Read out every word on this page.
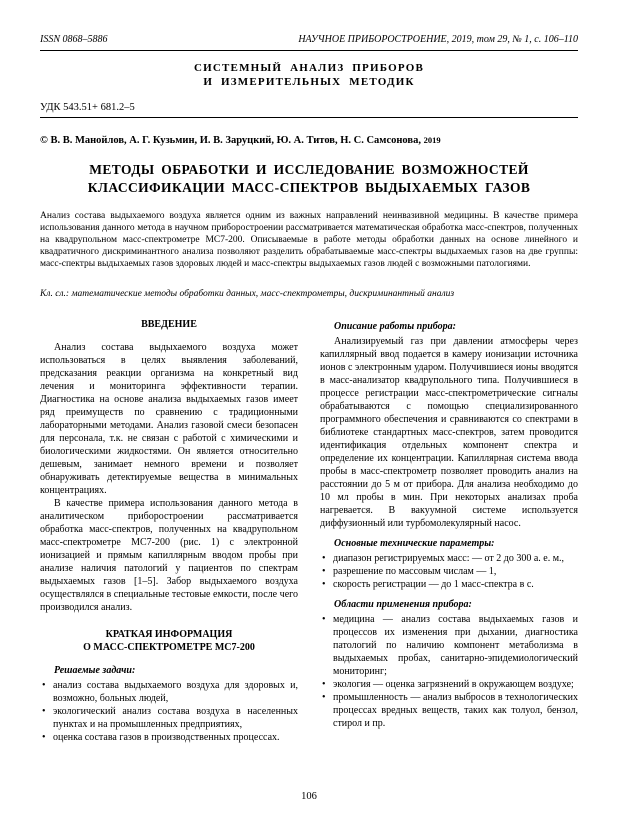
ISSN 0868–5886	НАУЧНОЕ ПРИБОРОСТРОЕНИЕ, 2019, том 29, № 1, c. 106–110
СИСТЕМНЫЙ АНАЛИЗ ПРИБОРОВ
И ИЗМЕРИТЕЛЬНЫХ МЕТОДИК
УДК 543.51+ 681.2–5
© В. В. Манойлов, А. Г. Кузьмин, И. В. Заруцкий, Ю. А. Титов, Н. С. Самсонова, 2019
МЕТОДЫ ОБРАБОТКИ И ИССЛЕДОВАНИЕ ВОЗМОЖНОСТЕЙ
КЛАССИФИКАЦИИ МАСС-СПЕКТРОВ ВЫДЫХАЕМЫХ ГАЗОВ
Анализ состава выдыхаемого воздуха является одним из важных направлений неинвазивной медицины. В качестве примера использования данного метода в научном приборостроении рассматривается математическая обработка масс-спектров, полученных на квадрупольном масс-спектрометре МС7-200. Описываемые в работе методы обработки данных на основе линейного и квадратичного дискриминантного анализа позволяют разделить обрабатываемые масс-спектры выдыхаемых газов на две группы: масс-спектры выдыхаемых газов здоровых людей и масс-спектры выдыхаемых газов людей с возможными патологиями.
Кл. сл.: математические методы обработки данных, масс-спектрометры, дискриминантный анализ
ВВЕДЕНИЕ

Анализ состава выдыхаемого воздуха может использоваться в целях выявления заболеваний, предсказания реакции организма на конкретный вид лечения и мониторинга эффективности терапии. Диагностика на основе анализа выдыхаемых газов имеет ряд преимуществ по сравнению с традиционными лабораторными методами. Анализ газовой смеси безопасен для персонала, т.к. не связан с работой с химическими и биологическими жидкостями. Он является относительно дешевым, занимает немного времени и позволяет обнаруживать детектируемые вещества в минимальных концентрациях.

В качестве примера использования данного метода в аналитическом приборостроении рассматривается обработка масс-спектров, полученных на квадрупольном масс-спектрометре МС7-200 (рис. 1) с электронной ионизацией и прямым капиллярным вводом пробы при анализе наличия патологий у пациентов по спектрам выдыхаемых газов [1–5]. Забор выдыхаемого воздуха осуществлялся в специальные тестовые емкости, после чего производился анализ.

КРАТКАЯ ИНФОРМАЦИЯ
О МАСС-СПЕКТРОМЕТРЕ МС7-200
Решаемые задачи:
• анализ состава выдыхаемого воздуха для здоровых и, возможно, больных людей,
• экологический анализ состава воздуха в населенных пунктах и на промышленных предприятиях,
• оценка состава газов в производственных процессах.
Описание работы прибора:

Анализируемый газ при давлении атмосферы через капиллярный ввод подается в камеру ионизации источника ионов с электронным ударом. Получившиеся ионы вводятся в масс-анализатор квадрупольного типа. Получившиеся в процессе регистрации масс-спектрометрические сигналы обрабатываются с помощью специализированного программного обеспечения и сравниваются со спектрами в библиотеке стандартных масс-спектров, затем проводится идентификация отдельных компонент спектра и определение их концентрации. Капиллярная система ввода пробы в масс-спектрометр позволяет проводить анализ на расстоянии до 5 м от прибора. Для анализа необходимо до 10 мл пробы в мин. При некоторых анализах проба нагревается. В вакуумной системе используется диффузионный или турбомолекулярный насос.

Основные технические параметры:
• диапазон регистрируемых масс: — от 2 до 300 а. е. м.,
• разрешение по массовым числам — 1,
• скорость регистрации — до 1 масс-спектра в с.
Области применения прибора:
• медицина — анализ состава выдыхаемых газов и процессов их изменения при дыхании, диагностика патологий по наличию компонент метаболизма в выдыхаемых пробах, санитарно-эпидемиологический мониторинг;
• экология — оценка загрязнений в окружающем воздухе;
• промышленность — анализ выбросов в технологических процессах вредных веществ, таких как толуол, бензол, стирол и пр.
106
